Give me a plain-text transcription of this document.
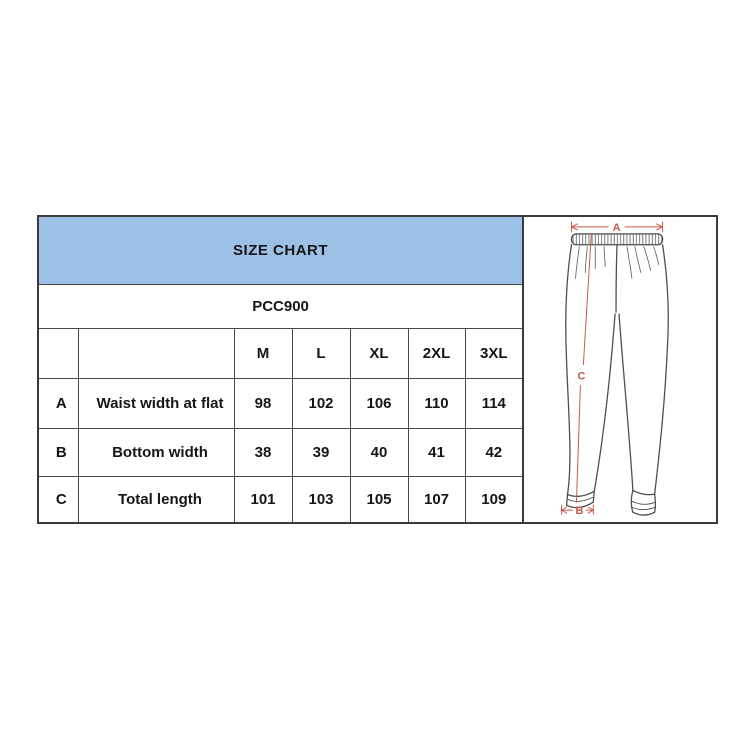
SIZE CHART						
PCC900						
		M	L	XL	2XL	3XL
A	Waist width at flat	98	102	106	110	114
B	Bottom width	38	39	40	41	42
C	Total length	101	103	105	107	109
A
C
B
